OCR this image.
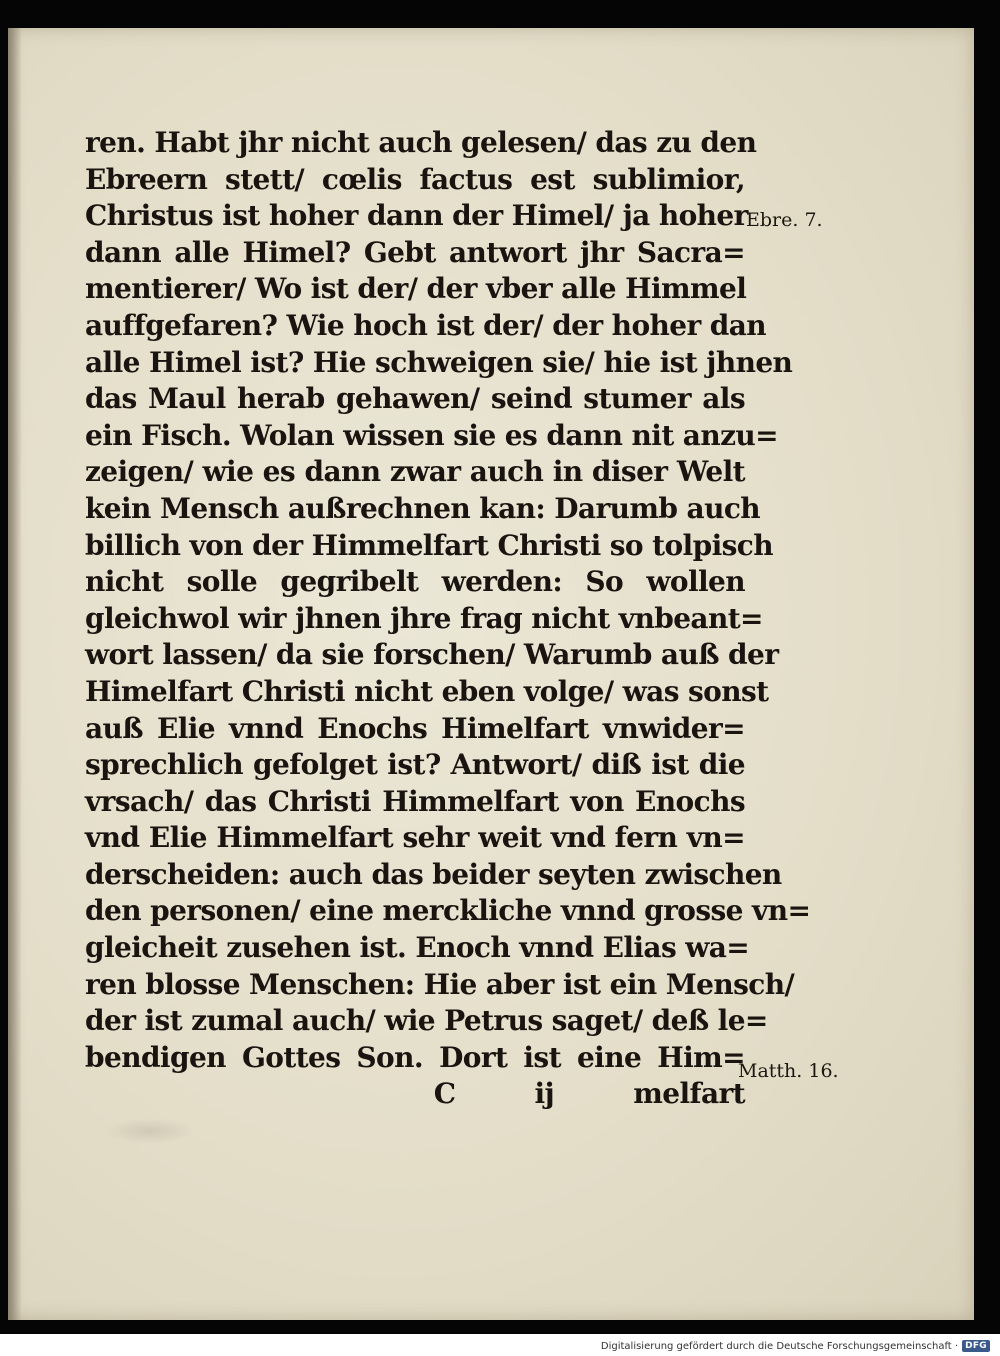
ren. Habt jhr nicht auch gelesen/ das zu den
Ebreern stett/ cœlis factus est sublimior,
Christus ist hoher dann der Himel/ ja hoher
dann alle Himel? Gebt antwort jhr Sacra=
mentierer/ Wo ist der/ der vber alle Himmel
auffgefaren? Wie hoch ist der/ der hoher dan
alle Himel ist? Hie schweigen sie/ hie ist jhnen
das Maul herab gehawen/ seind stumer als
ein Fisch. Wolan wissen sie es dann nit anzu=
zeigen/ wie es dann zwar auch in diser Welt
kein Mensch außrechnen kan: Darumb auch
billich von der Himmelfart Christi so tolpisch
nicht solle gegribelt werden: So wollen
gleichwol wir jhnen jhre frag nicht vnbeant=
wort lassen/ da sie forschen/ Warumb auß der
Himelfart Christi nicht eben volge/ was sonst
auß Elie vnnd Enochs Himelfart vnwider=
sprechlich gefolget ist? Antwort/ diß ist die
vrsach/ das Christi Himmelfart von Enochs
vnd Elie Himmelfart sehr weit vnd fern vn=
derscheiden: auch das beider seyten zwischen
den personen/ eine merckliche vnnd grosse vn=
gleicheit zusehen ist. Enoch vnnd Elias wa=
ren blosse Menschen: Hie aber ist ein Mensch/
der ist zumal auch/ wie Petrus saget/ deß le=
bendigen Gottes Son. Dort ist eine Him=
C ij melfart
Ebre. 7.
Matth. 16.
Digitalisierung gefördert durch die Deutsche Forschungsgemeinschaft · DFG
